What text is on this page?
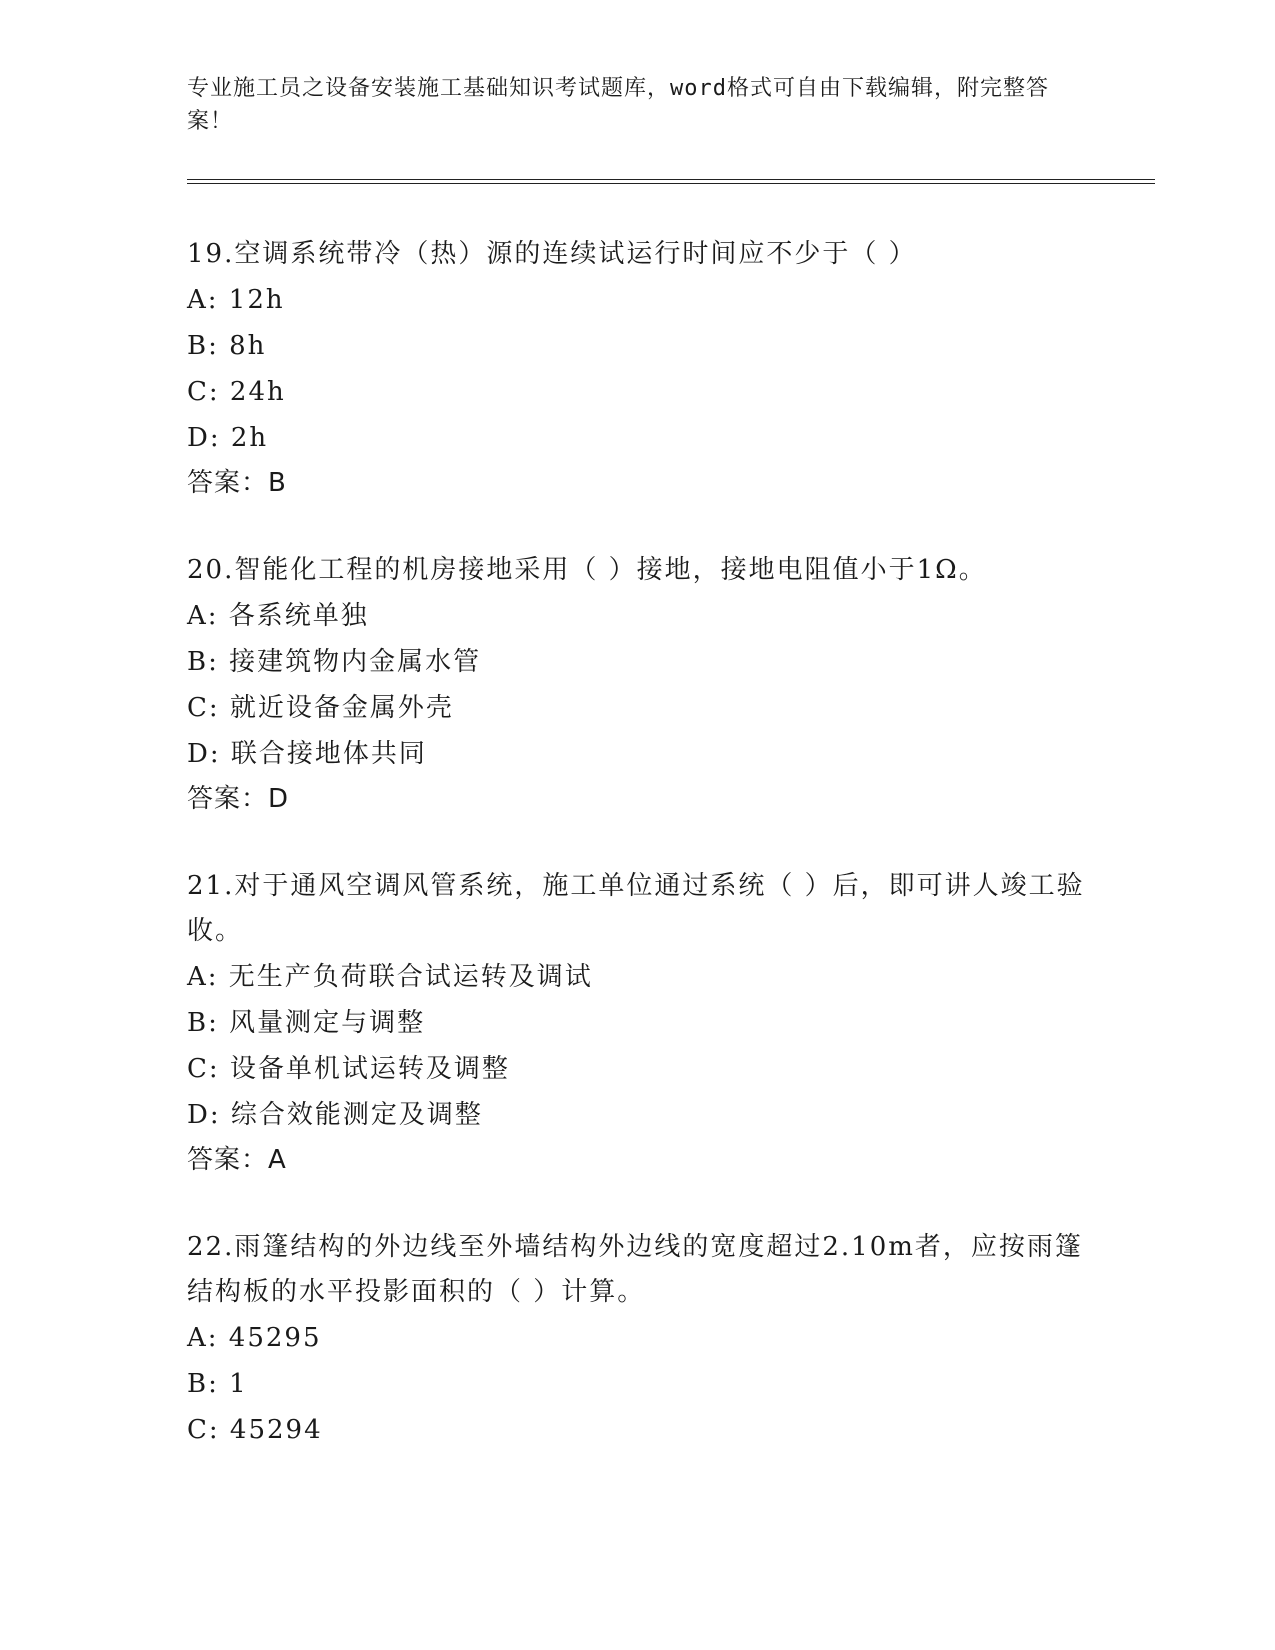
专业施工员之设备安装施工基础知识考试题库，word格式可自由下载编辑，附完整答案！
19.空调系统带冷（热）源的连续试运行时间应不少于（ ）
A: 12h
B: 8h
C: 24h
D: 2h
答案：B
20.智能化工程的机房接地采用（ ）接地，接地电阻值小于1Ω。
A: 各系统单独
B: 接建筑物内金属水管
C: 就近设备金属外壳
D: 联合接地体共同
答案：D
21.对于通风空调风管系统，施工单位通过系统（ ）后，即可讲人竣工验收。
A: 无生产负荷联合试运转及调试
B: 风量测定与调整
C: 设备单机试运转及调整
D: 综合效能测定及调整
答案：A
22.雨篷结构的外边线至外墙结构外边线的宽度超过2.10m者，应按雨篷结构板的水平投影面积的（ ）计算。
A: 45295
B: 1
C: 45294
